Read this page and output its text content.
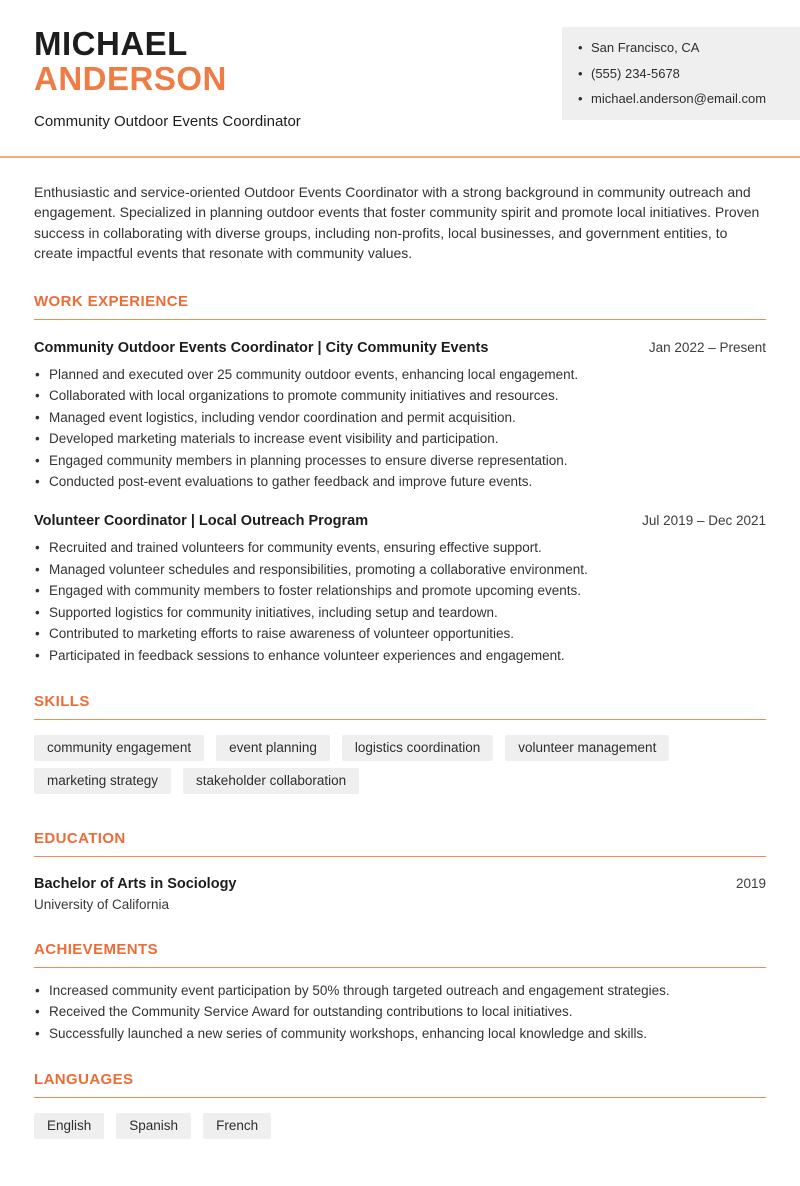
MICHAEL
ANDERSON
Community Outdoor Events Coordinator
• San Francisco, CA
• (555) 234-5678
• michael.anderson@email.com

Enthusiastic and service-oriented Outdoor Events Coordinator with a strong background in community outreach and engagement. Specialized in planning outdoor events that foster community spirit and promote local initiatives. Proven success in collaborating with diverse groups, including non-profits, local businesses, and government entities, to create impactful events that resonate with community values.

WORK EXPERIENCE
Community Outdoor Events Coordinator | City Community Events	Jan 2022 – Present
• Planned and executed over 25 community outdoor events, enhancing local engagement.
• Collaborated with local organizations to promote community initiatives and resources.
• Managed event logistics, including vendor coordination and permit acquisition.
• Developed marketing materials to increase event visibility and participation.
• Engaged community members in planning processes to ensure diverse representation.
• Conducted post-event evaluations to gather feedback and improve future events.
Volunteer Coordinator | Local Outreach Program	Jul 2019 – Dec 2021
• Recruited and trained volunteers for community events, ensuring effective support.
• Managed volunteer schedules and responsibilities, promoting a collaborative environment.
• Engaged with community members to foster relationships and promote upcoming events.
• Supported logistics for community initiatives, including setup and teardown.
• Contributed to marketing efforts to raise awareness of volunteer opportunities.
• Participated in feedback sessions to enhance volunteer experiences and engagement.
SKILLS
community engagement	event planning	logistics coordination	volunteer management
marketing strategy	stakeholder collaboration
EDUCATION
Bachelor of Arts in Sociology	2019
University of California
ACHIEVEMENTS
• Increased community event participation by 50% through targeted outreach and engagement strategies.
• Received the Community Service Award for outstanding contributions to local initiatives.
• Successfully launched a new series of community workshops, enhancing local knowledge and skills.
LANGUAGES
English	Spanish	French
